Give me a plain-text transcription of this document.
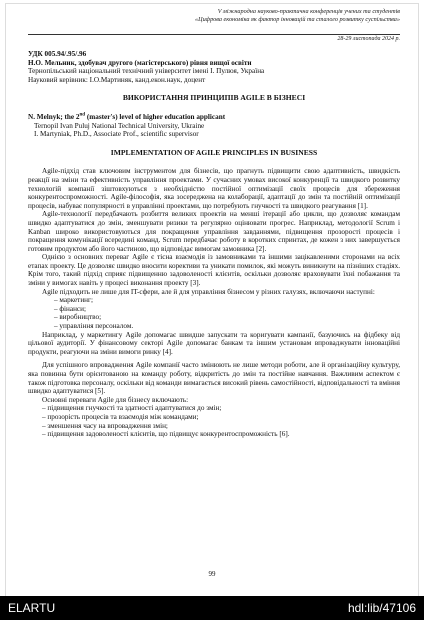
V міжнародна науково-практична конференція учених та студентів
«Цифрова економіка як фактор інновацій та сталого розвитку суспільства»
28-29 листопада 2024 р.
УДК 005.94/.95/.96
Н.О. Мельник, здобувач другого (магістерського) рівня вищої освіти
Тернопільський національний технічний університет імені І. Пулюя, Україна
Науковий керівник: І.О.Мартиняк, канд.екон.наук, доцент
ВИКОРИСТАННЯ ПРИНЦИПІВ AGILE В БІЗНЕСІ
N. Melnyk; the 2nd (master's) level of higher education applicant
Ternopil Ivan Puluj National Technical University, Ukraine
I. Martyniak, Ph.D., Associate Prof., scientific supervisor
IMPLEMENTATION OF AGILE PRINCIPLES IN BUSINESS

Agile-підхід став ключовим інструментом для бізнесів, що прагнуть підвищити свою адаптивність, швидкість реакції на зміни та ефективність управління проектами. У сучасних умовах високої конкуренції та швидкого розвитку технологій компанії зіштовхуються з необхідністю постійної оптимізації своїх процесів для збереження конкурентоспроможності. Agile-філософія, яка зосереджена на колаборації, адаптації до змін та постійній оптимізації процесів, набуває популярності в управлінні проектами, що потребують гнучкості та швидкого реагування [1].

Agile-технології передбачають розбиття великих проектів на менші ітерації або цикли, що дозволяє командам швидко адаптуватися до змін, зменшувати ризики та регулярно оцінювати прогрес. Наприклад, методології Scrum і Kanban широко використовуються для покращення управління завданнями, підвищення прозорості процесів і покращення комунікації всередині команд. Scrum передбачає роботу в коротких спринтах, де кожен з них завершується готовим продуктом або його частиною, що відповідає вимогам замовника [2].

Однією з основних переваг Agile є тісна взаємодія із замовниками та іншими зацікавленими сторонами на всіх етапах проекту. Це дозволяє швидко вносити корективи та уникати помилок, які можуть виникнути на пізніших стадіях. Крім того, такий підхід сприяє підвищенню задоволеності клієнтів, оскільки дозволяє враховувати їхні побажання та зміни у вимогах навіть у процесі виконання проекту [3].

Agile підходить не лише для IT-сфери, але й для управління бізнесом у різних галузях, включаючи наступні:

– маркетинг;
– фінанси;
– виробництво;
– управління персоналом.

Наприклад, у маркетингу Agile допомагає швидше запускати та коригувати кампанії, базуючись на фідбеку від цільової аудиторії. У фінансовому секторі Agile допомагає банкам та іншим установам впроваджувати інноваційні продукти, реагуючи на зміни вимоги ринку [4].

Для успішного впровадження Agile компанії часто змінюють не лише методи роботи, але й організаційну культуру, яка повинна бути орієнтованою на команду роботу, відкритість до змін та постійне навчання. Важливим аспектом є також підготовка персоналу, оскільки від команди вимагається високий рівень самостійності, відповідальності та вміння швидко адаптуватися [5].

Основні переваги Agile для бізнесу включають:

– підвищення гнучкості та здатності адаптуватися до змін;
– прозорість процесів та взаємодія між командами;
– зменшення часу на впровадження змін;
– підвищення задоволеності клієнтів, що підвищує конкурентоспроможність [6].
99
ELARTU	hdl:lib/47106
